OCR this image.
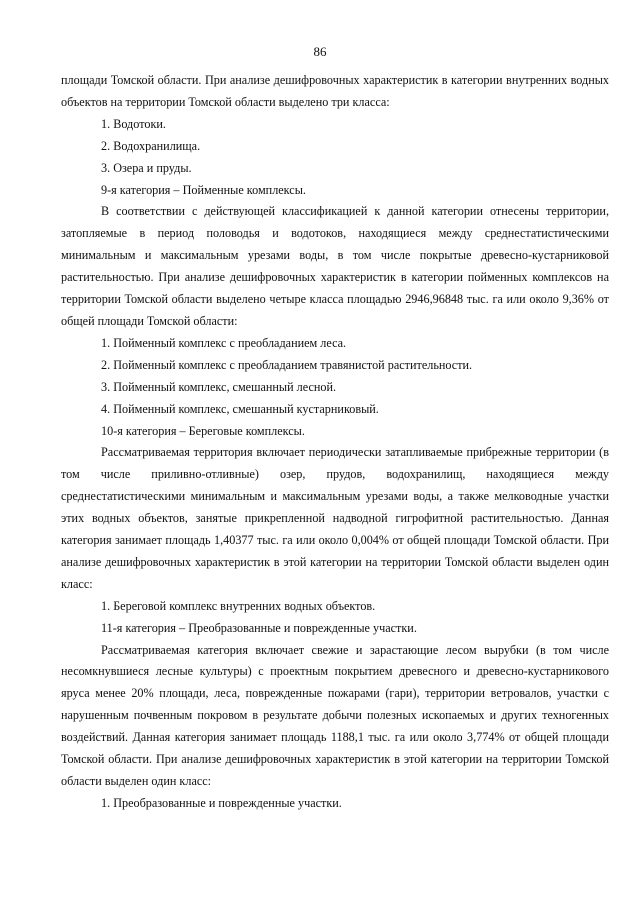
86

площади Томской области. При анализе дешифровочных характеристик в категории внутренних водных объектов на территории Томской области выделено три класса:

1. Водотоки.

2. Водохранилища.

3. Озера и пруды.

9-я категория – Пойменные комплексы.

В соответствии с действующей классификацией к данной категории отнесены территории, затопляемые в период половодья и водотоков, находящиеся между среднестатистическими минимальным и максимальным урезами воды, в том числе покрытые древесно-кустарниковой растительностью. При анализе дешифровочных характеристик в категории пойменных комплексов на территории Томской области выделено четыре класса площадью 2946,96848 тыс. га или около 9,36% от общей площади Томской области:

1. Пойменный комплекс с преобладанием леса.

2. Пойменный комплекс с преобладанием травянистой растительности.

3. Пойменный комплекс, смешанный лесной.

4. Пойменный комплекс, смешанный кустарниковый.

10-я категория – Береговые комплексы.

Рассматриваемая территория включает периодически затапливаемые прибрежные территории (в том числе приливно-отливные) озер, прудов, водохранилищ, находящиеся между среднестатистическими минимальным и максимальным урезами воды, а также мелководные участки этих водных объектов, занятые прикрепленной надводной гигрофитной растительностью. Данная категория занимает площадь 1,40377 тыс. га или около 0,004% от общей площади Томской области. При анализе дешифровочных характеристик в этой категории на территории Томской области выделен один класс:

1. Береговой комплекс внутренних водных объектов.

11-я категория – Преобразованные и поврежденные участки.

Рассматриваемая категория включает свежие и зарастающие лесом вырубки (в том числе несомкнувшиеся лесные культуры) с проектным покрытием древесного и древесно-кустарникового яруса менее 20% площади, леса, поврежденные пожарами (гари), территории ветровалов, участки с нарушенным почвенным покровом в результате добычи полезных ископаемых и других техногенных воздействий. Данная категория занимает площадь 1188,1 тыс. га или около 3,774% от общей площади Томской области. При анализе дешифровочных характеристик в этой категории на территории Томской области выделен один класс:

1. Преобразованные и поврежденные участки.
